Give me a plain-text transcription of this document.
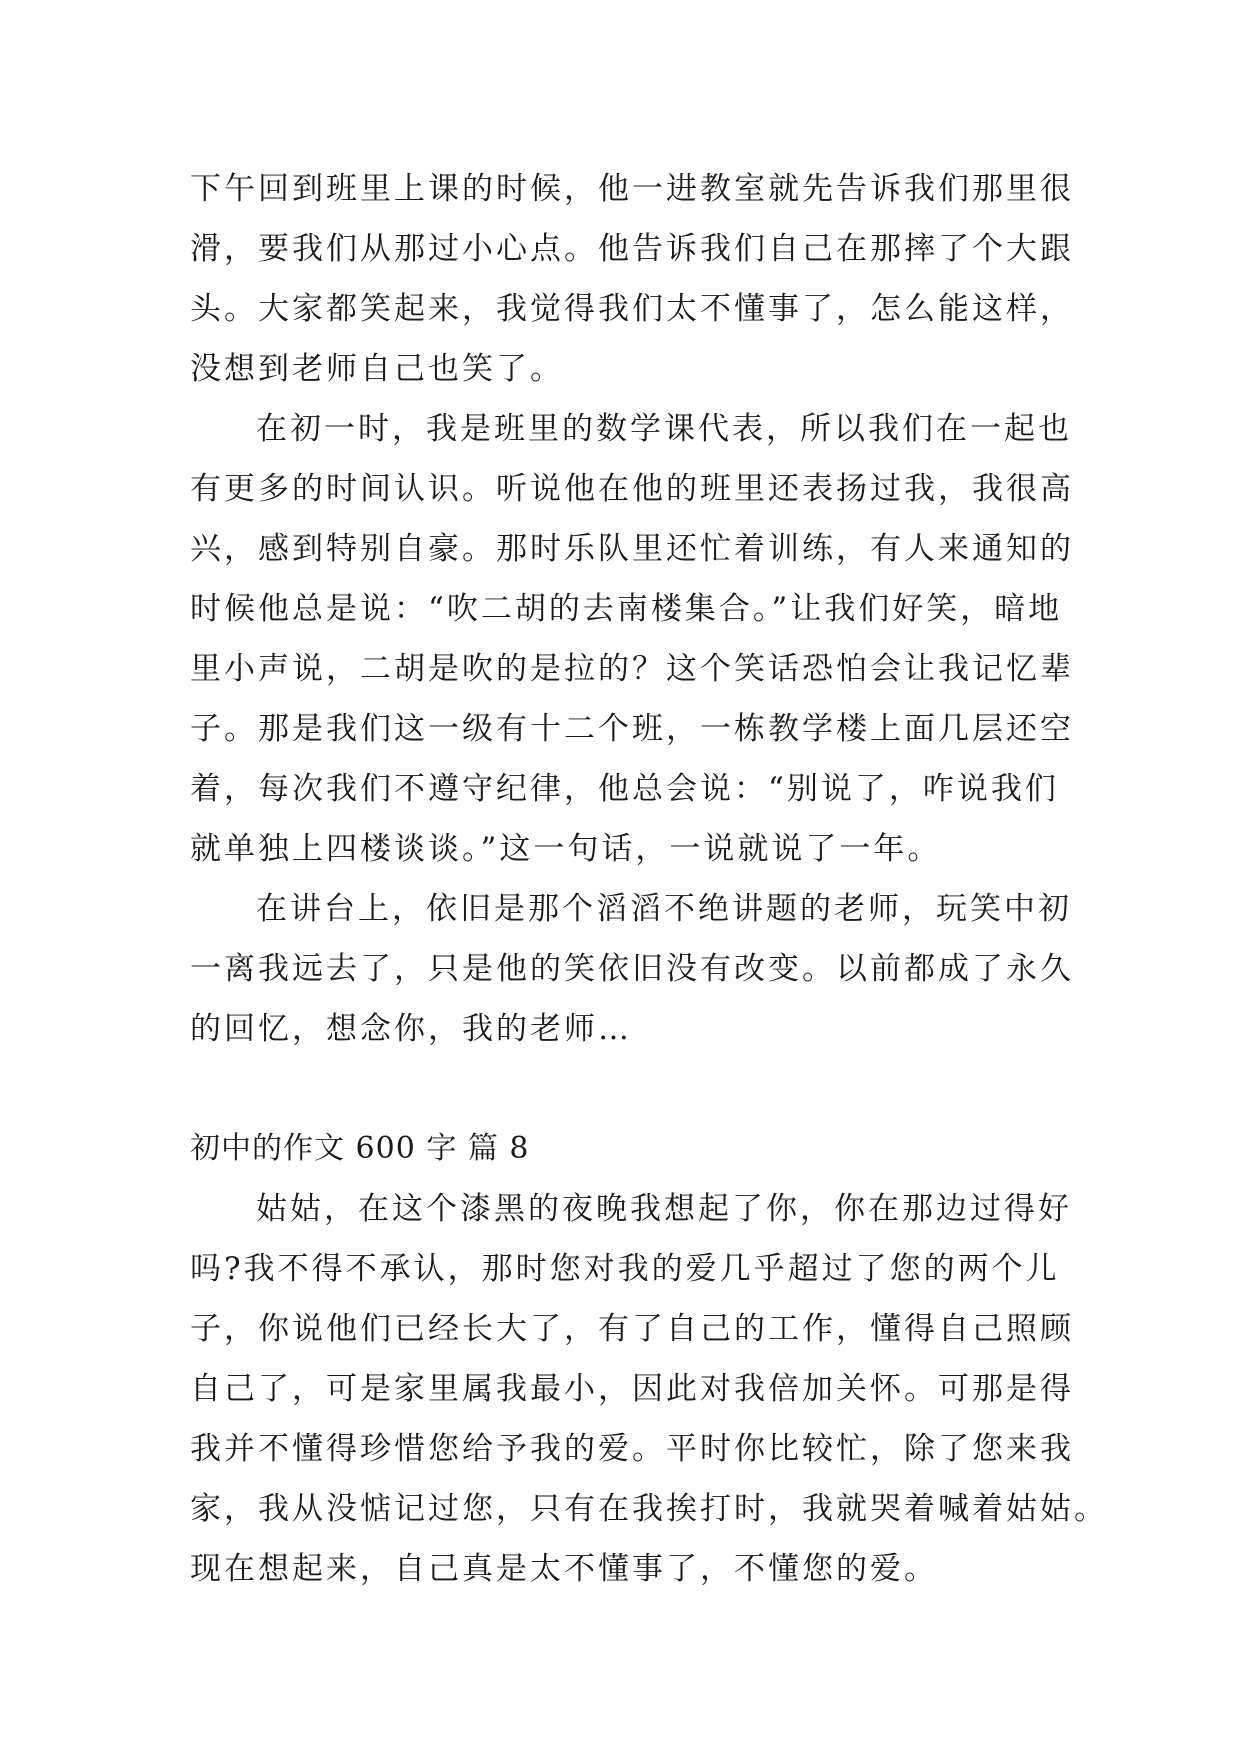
下午回到班里上课的时候，他一进教室就先告诉我们那里很
滑，要我们从那过小心点。他告诉我们自己在那摔了个大跟
头。大家都笑起来，我觉得我们太不懂事了，怎么能这样，
没想到老师自己也笑了。
在初一时，我是班里的数学课代表，所以我们在一起也
有更多的时间认识。听说他在他的班里还表扬过我，我很高
兴，感到特别自豪。那时乐队里还忙着训练，有人来通知的
时候他总是说：“吹二胡的去南楼集合。”让我们好笑，暗地
里小声说，二胡是吹的是拉的？这个笑话恐怕会让我记忆辈
子。那是我们这一级有十二个班，一栋教学楼上面几层还空
着，每次我们不遵守纪律，他总会说：“别说了，咋说我们
就单独上四楼谈谈。”这一句话，一说就说了一年。
在讲台上，依旧是那个滔滔不绝讲题的老师，玩笑中初
一离我远去了，只是他的笑依旧没有改变。以前都成了永久
的回忆，想念你，我的老师…
初中的作文 600 字 篇 8
姑姑，在这个漆黑的夜晚我想起了你，你在那边过得好
吗?我不得不承认，那时您对我的爱几乎超过了您的两个儿
子，你说他们已经长大了，有了自己的工作，懂得自己照顾
自己了，可是家里属我最小，因此对我倍加关怀。可那是得
我并不懂得珍惜您给予我的爱。平时你比较忙，除了您来我
家，我从没惦记过您，只有在我挨打时，我就哭着喊着姑姑。
现在想起来，自己真是太不懂事了，不懂您的爱。
